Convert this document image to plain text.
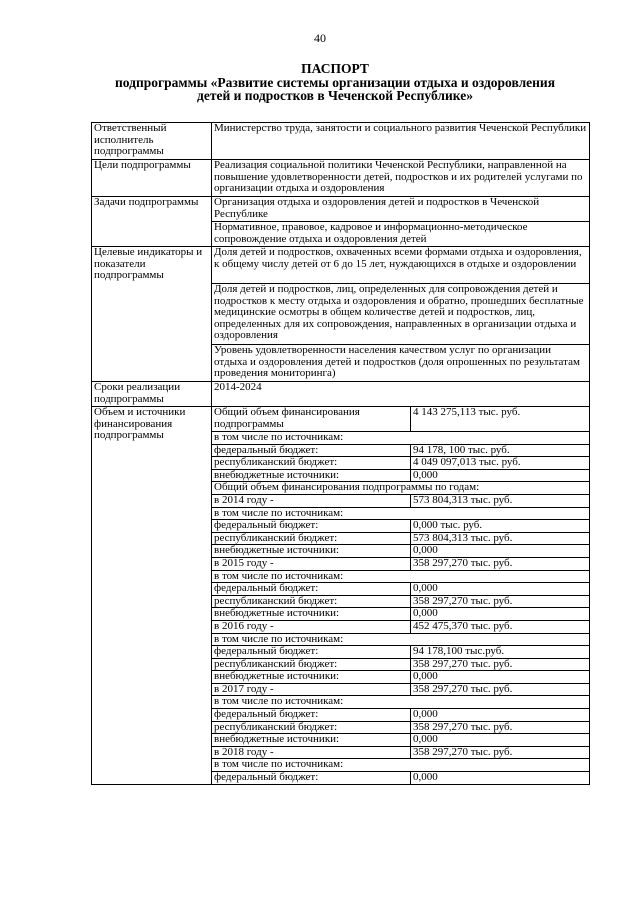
40
ПАСПОРТ
подпрограммы «Развитие системы организации отдыха и оздоровления
детей и подростков в Чеченской Республике»
Ответственный исполнитель подпрограммы	Министерство труда, занятости и социального развития Чеченской Республики	
Цели подпрограммы	Реализация социальной политики Чеченской Республики, направленной на повышение удовлетворенности детей, подростков и их родителей услугами по организации отдыха и оздоровления	
Задачи подпрограммы	Организация отдыха и оздоровления детей и подростков в Чеченской Республике	
	Нормативное, правовое, кадровое и информационно-методическое сопровождение отдыха и оздоровления детей	
Целевые индикаторы и показатели подпрограммы	Доля детей и подростков, охваченных всеми формами отдыха и оздоровления, к общему числу детей от 6 до 15 лет, нуждающихся в отдыхе и оздоровлении	
	Доля детей и подростков, лиц, определенных для сопровождения детей и подростков к месту отдыха и оздоровления и обратно, прошедших бесплатные медицинские осмотры в общем количестве детей и подростков, лиц, определенных для их сопровождения, направленных в организации отдыха и оздоровления	
	Уровень удовлетворенности населения качеством услуг по организации отдыха и оздоровления детей и подростков (доля опрошенных по результатам проведения мониторинга)	
Сроки реализации подпрограммы	2014-2024	
Объем и источники финансирования подпрограммы	Общий объем финансирования подпрограммы	4 143 275,113 тыс. руб.
	в том числе по источникам:	
	федеральный бюджет:	94 178, 100 тыс. руб.
	республиканский бюджет:	4 049 097,013 тыс. руб.
	внебюджетные источники:	0,000
	Общий объем финансирования подпрограммы по годам:	
	в 2014 году -	573 804,313 тыс. руб.
	в том числе по источникам:	
	федеральный бюджет:	0,000 тыс. руб.
	республиканский бюджет:	573 804,313 тыс. руб.
	внебюджетные источники:	0,000
	в 2015 году -	358 297,270 тыс. руб.
	в том числе по источникам:	
	федеральный бюджет:	0,000
	республиканский бюджет:	358 297,270 тыс. руб.
	внебюджетные источники:	0,000
	в 2016 году -	452 475,370 тыс. руб.
	в том числе по источникам:	
	федеральный бюджет:	94 178,100 тыс.руб.
	республиканский бюджет:	358 297,270 тыс. руб.
	внебюджетные источники:	0,000
	в 2017 году -	358 297,270 тыс. руб.
	в том числе по источникам:	
	федеральный бюджет:	0,000
	республиканский бюджет:	358 297,270 тыс. руб.
	внебюджетные источники:	0,000
	в 2018 году -	358 297,270 тыс. руб.
	в том числе по источникам:	
	федеральный бюджет:	0,000
